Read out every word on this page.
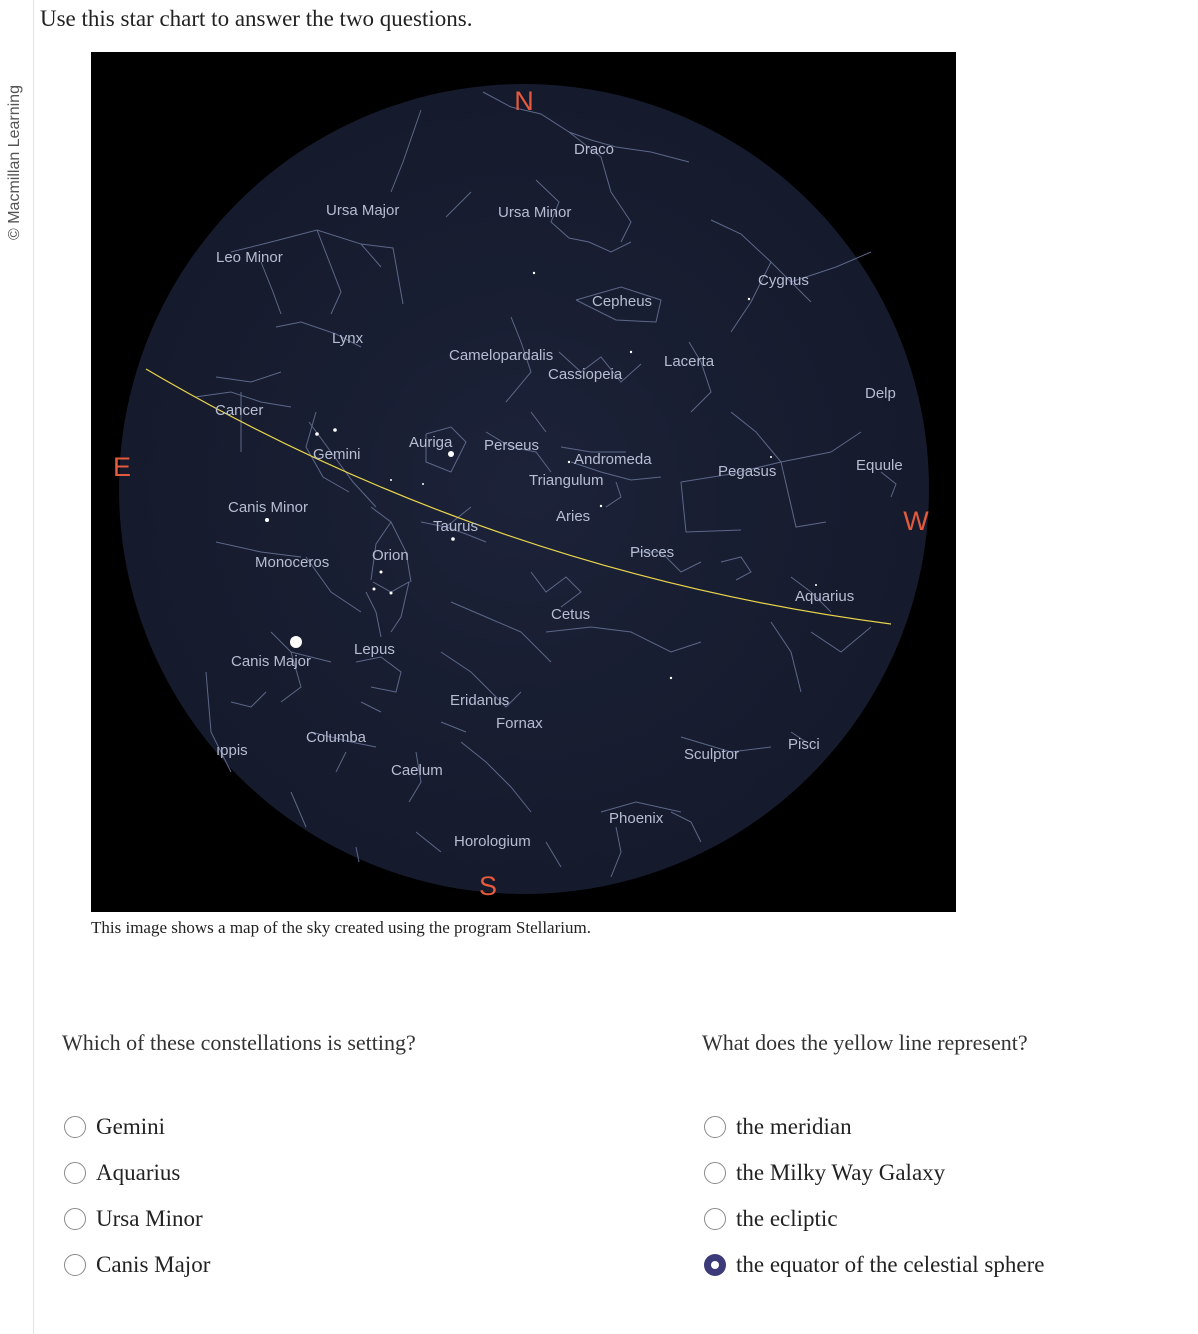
© Macmillan Learning
Use this star chart to answer the two questions.
N
S
E
W
Draco
Ursa Major	Ursa Minor
Leo Minor
Cygnus
Cepheus
Lynx
Camelopardalis	Lacerta
Cassiopeia
Cancer
Delp
Auriga Perseus
Gemini	Andromeda	Equule
Pegasus
Triangulum
Canis Minor
Aries
Taurus
Pisces
Monoceros	Orion
Aquarius
Cetus
Lepus
Canis Major
Eridanus
Fornax
Columba
ıppis	Sculptor
Pisci
Caelum
Phoenix
Horologium
This image shows a map of the sky created using the program Stellarium.
Which of these constellations is setting?
Gemini
Aquarius
Ursa Minor
Canis Major
What does the yellow line represent?
the meridian
the Milky Way Galaxy
the ecliptic
the equator of the celestial sphere
